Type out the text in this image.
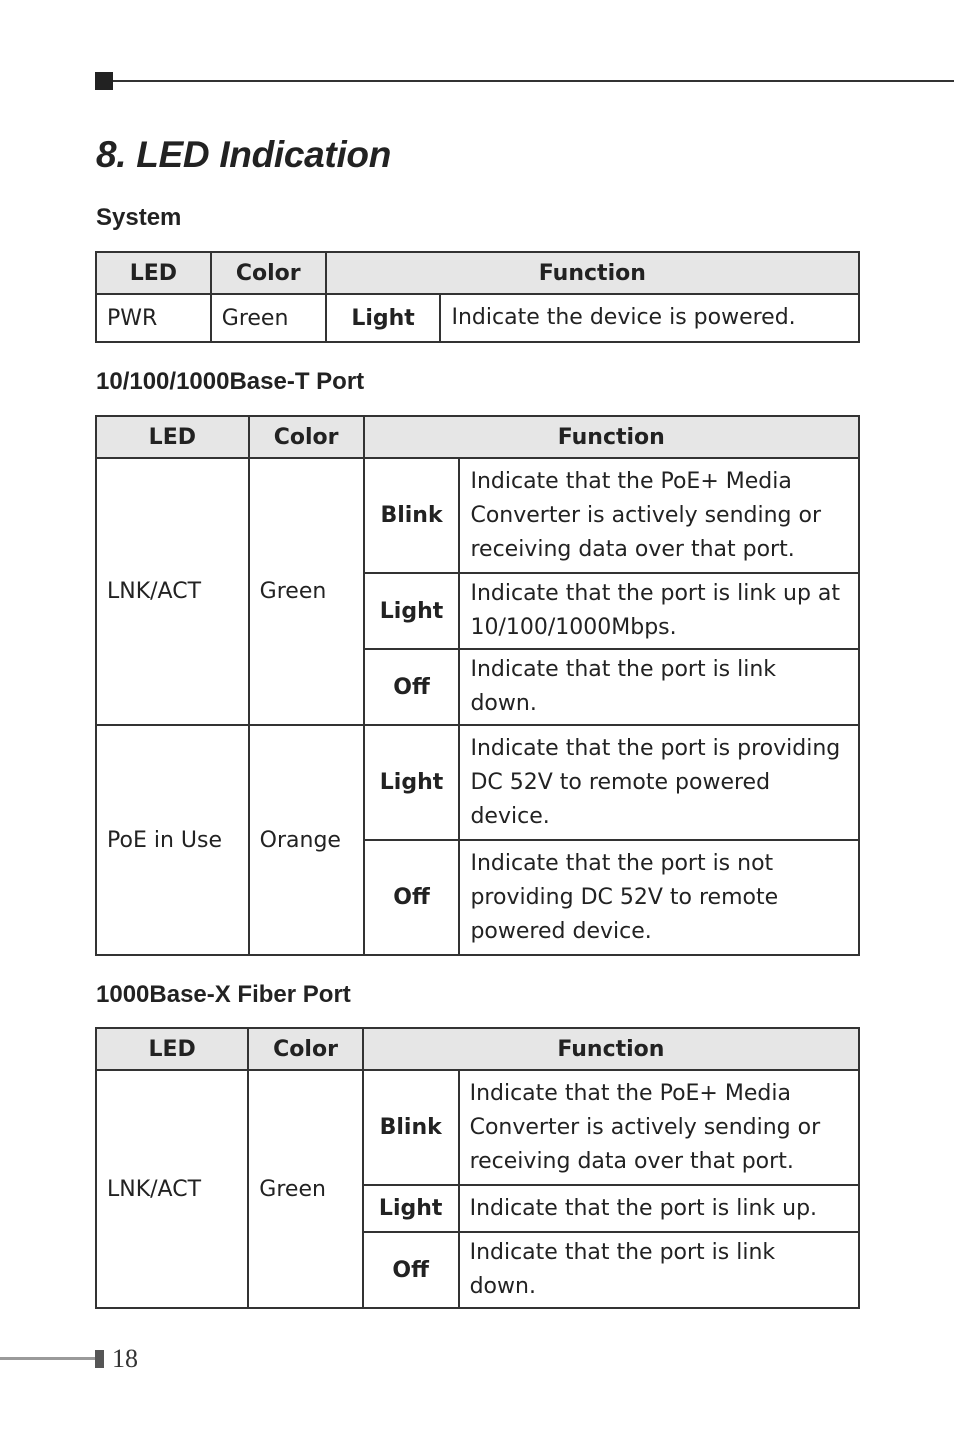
8. LED Indication
System
LED	Color	Function	
PWR	Green	Light	Indicate the device is powered.
10/100/1000Base-T Port
LED	Color	Function	
LNK/ACT	Green	Blink	Indicate that the PoE+ Media Converter is actively sending or receiving data over that port.
		Light	Indicate that the port is link up at 10/100/1000Mbps.
		Off	Indicate that the port is link down.
PoE in Use	Orange	Light	Indicate that the port is providing DC 52V to remote powered device.
		Off	Indicate that the port is not providing DC 52V to remote powered device.
1000Base-X Fiber Port
LED	Color	Function	
LNK/ACT	Green	Blink	Indicate that the PoE+ Media Converter is actively sending or receiving data over that port.
		Light	Indicate that the port is link up.
		Off	Indicate that the port is link down.
18
